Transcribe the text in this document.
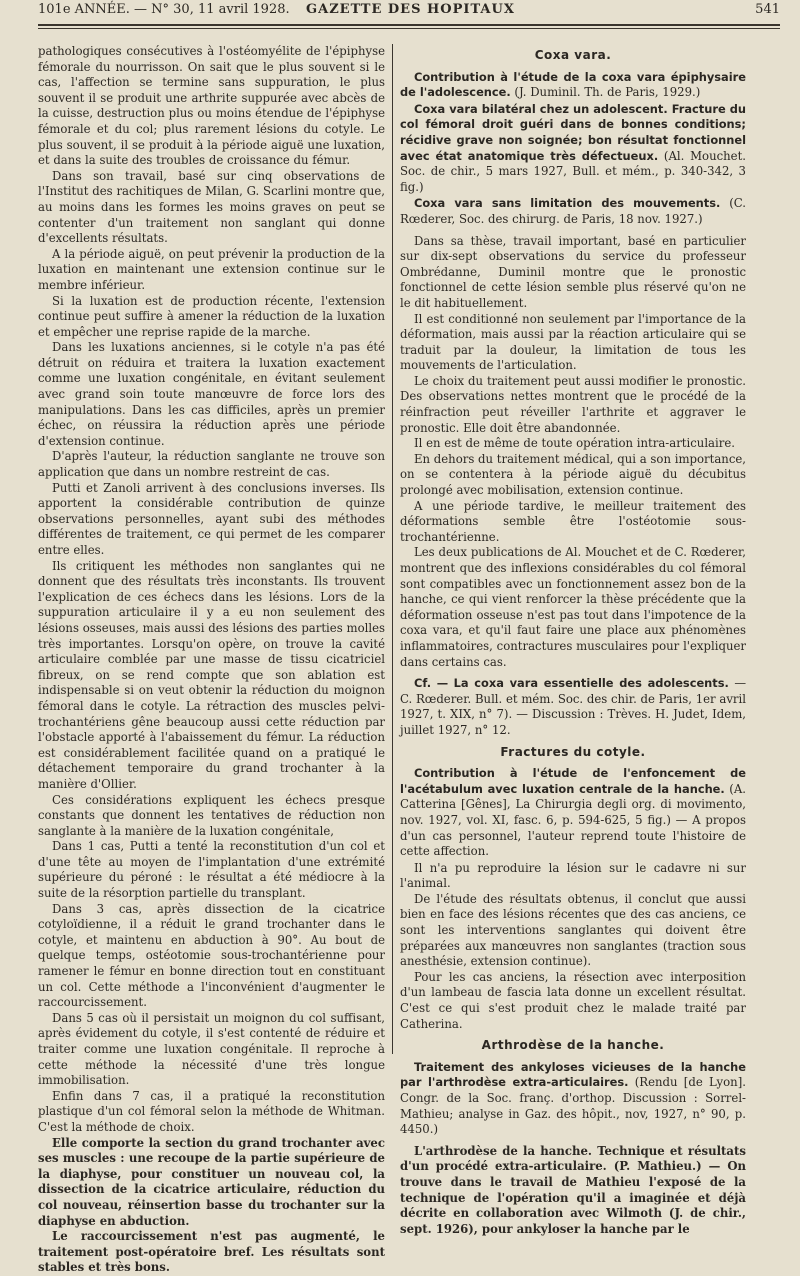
101e ANNÉE. — N° 30, 11 avril 1928. GAZETTE DES HOPITAUX	541

pathologiques consécutives à l'ostéomyélite de l'épiphyse fémorale du nourrisson. On sait que le plus souvent si le cas, l'affection se termine sans suppuration, le plus souvent il se produit une arthrite suppurée avec abcès de la cuisse, destruction plus ou moins étendue de l'épiphyse fémorale et du col; plus rarement lésions du cotyle. Le plus souvent, il se produit à la période aiguë une luxation, et dans la suite des troubles de croissance du fémur.

Dans son travail, basé sur cinq observations de l'Institut des rachitiques de Milan, G. Scarlini montre que, au moins dans les formes les moins graves on peut se contenter d'un traitement non sanglant qui donne d'excellents résultats.

A la période aiguë, on peut prévenir la production de la luxation en maintenant une extension continue sur le membre inférieur.

Si la luxation est de production récente, l'extension continue peut suffire à amener la réduction de la luxation et empêcher une reprise rapide de la marche.

Dans les luxations anciennes, si le cotyle n'a pas été détruit on réduira et traitera la luxation exactement comme une luxation congénitale, en évitant seulement avec grand soin toute manœuvre de force lors des manipulations. Dans les cas difficiles, après un premier échec, on réussira la réduction après une période d'extension continue.

D'après l'auteur, la réduction sanglante ne trouve son application que dans un nombre restreint de cas.

Putti et Zanoli arrivent à des conclusions inverses. Ils apportent la considérable contribution de quinze observations personnelles, ayant subi des méthodes différentes de traitement, ce qui permet de les comparer entre elles.

Ils critiquent les méthodes non sanglantes qui ne donnent que des résultats très inconstants. Ils trouvent l'explication de ces échecs dans les lésions. Lors de la suppuration articulaire il y a eu non seulement des lésions osseuses, mais aussi des lésions des parties molles très importantes. Lorsqu'on opère, on trouve la cavité articulaire comblée par une masse de tissu cicatriciel fibreux, on se rend compte que son ablation est indispensable si on veut obtenir la réduction du moignon fémoral dans le cotyle. La rétraction des muscles pelvi-trochantériens gêne beaucoup aussi cette réduction par l'obstacle apporté à l'abaissement du fémur. La réduction est considérablement facilitée quand on a pratiqué le détachement temporaire du grand trochanter à la manière d'Ollier.

Ces considérations expliquent les échecs presque constants que donnent les tentatives de réduction non sanglante à la manière de la luxation congénitale,

Dans 1 cas, Putti a tenté la reconstitution d'un col et d'une tête au moyen de l'implantation d'une extrémité supérieure du péroné : le résultat a été médiocre à la suite de la résorption partielle du transplant.

Dans 3 cas, après dissection de la cicatrice cotyloïdienne, il a réduit le grand trochanter dans le cotyle, et maintenu en abduction à 90°. Au bout de quelque temps, ostéotomie sous-trochantérienne pour ramener le fémur en bonne direction tout en constituant un col. Cette méthode a l'inconvénient d'augmenter le raccourcissement.

Dans 5 cas où il persistait un moignon du col suffisant, après évidement du cotyle, il s'est contenté de réduire et traiter comme une luxation congénitale. Il reproche à cette méthode la nécessité d'une très longue immobilisation.

Enfin dans 7 cas, il a pratiqué la reconstitution plastique d'un col fémoral selon la méthode de Whitman. C'est la méthode de choix.

Elle comporte la section du grand trochanter avec ses muscles : une recoupe de la partie supérieure de la diaphyse, pour constituer un nouveau col, la dissection de la cicatrice articulaire, réduction du col nouveau, réinsertion basse du trochanter sur la diaphyse en abduction.

Le raccourcissement n'est pas augmenté, le traitement post-opératoire bref. Les résultats sont stables et très bons.

Coxa vara.

Contribution à l'étude de la coxa vara épiphysaire de l'adolescence. (J. Duminil. Th. de Paris, 1929.)

Coxa vara bilatéral chez un adolescent. Fracture du col fémoral droit guéri dans de bonnes conditions; récidive grave non soignée; bon résultat fonctionnel avec état anatomique très défectueux. (Al. Mouchet. Soc. de chir., 5 mars 1927, Bull. et mém., p. 340-342, 3 fig.)

Coxa vara sans limitation des mouvements. (C. Rœderer, Soc. des chirurg. de Paris, 18 nov. 1927.)

Dans sa thèse, travail important, basé en particulier sur dix-sept observations du service du professeur Ombrédanne, Duminil montre que le pronostic fonctionnel de cette lésion semble plus réservé qu'on ne le dit habituellement.

Il est conditionné non seulement par l'importance de la déformation, mais aussi par la réaction articulaire qui se traduit par la douleur, la limitation de tous les mouvements de l'articulation.

Le choix du traitement peut aussi modifier le pronostic. Des observations nettes montrent que le procédé de la réinfraction peut réveiller l'arthrite et aggraver le pronostic. Elle doit être abandonnée.

Il en est de même de toute opération intra-articulaire.

En dehors du traitement médical, qui a son importance, on se contentera à la période aiguë du décubitus prolongé avec mobilisation, extension continue.

A une période tardive, le meilleur traitement des déformations semble être l'ostéotomie sous-trochantérienne.

Les deux publications de Al. Mouchet et de C. Rœderer, montrent que des inflexions considérables du col fémoral sont compatibles avec un fonctionnement assez bon de la hanche, ce qui vient renforcer la thèse précédente que la déformation osseuse n'est pas tout dans l'impotence de la coxa vara, et qu'il faut faire une place aux phénomènes inflammatoires, contractures musculaires pour l'expliquer dans certains cas.

Cf. — La coxa vara essentielle des adolescents. — C. Rœderer. Bull. et mém. Soc. des chir. de Paris, 1er avril 1927, t. XIX, n° 7). — Discussion : Trèves. H. Judet, Idem, juillet 1927, n° 12.

Fractures du cotyle.

Contribution à l'étude de l'enfoncement de l'acétabulum avec luxation centrale de la hanche. (A. Catterina [Gênes], La Chirurgia degli org. di movimento, nov. 1927, vol. XI, fasc. 6, p. 594-625, 5 fig.) — A propos d'un cas personnel, l'auteur reprend toute l'histoire de cette affection.

Il n'a pu reproduire la lésion sur le cadavre ni sur l'animal.

De l'étude des résultats obtenus, il conclut que aussi bien en face des lésions récentes que des cas anciens, ce sont les interventions sanglantes qui doivent être préparées aux manœuvres non sanglantes (traction sous anesthésie, extension continue).

Pour les cas anciens, la résection avec interposition d'un lambeau de fascia lata donne un excellent résultat. C'est ce qui s'est produit chez le malade traité par Catherina.

Arthrodèse de la hanche.

Traitement des ankyloses vicieuses de la hanche par l'arthrodèse extra-articulaires. (Rendu [de Lyon]. Congr. de la Soc. franç. d'orthop. Discussion : Sorrel-Mathieu; analyse in Gaz. des hôpit., nov, 1927, n° 90, p. 4450.)

L'arthrodèse de la hanche. Technique et résultats d'un procédé extra-articulaire. (P. Mathieu.) — On trouve dans le travail de Mathieu l'exposé de la technique de l'opération qu'il a imaginée et déjà décrite en collaboration avec Wilmoth (J. de chir., sept. 1926), pour ankyloser la hanche par le
